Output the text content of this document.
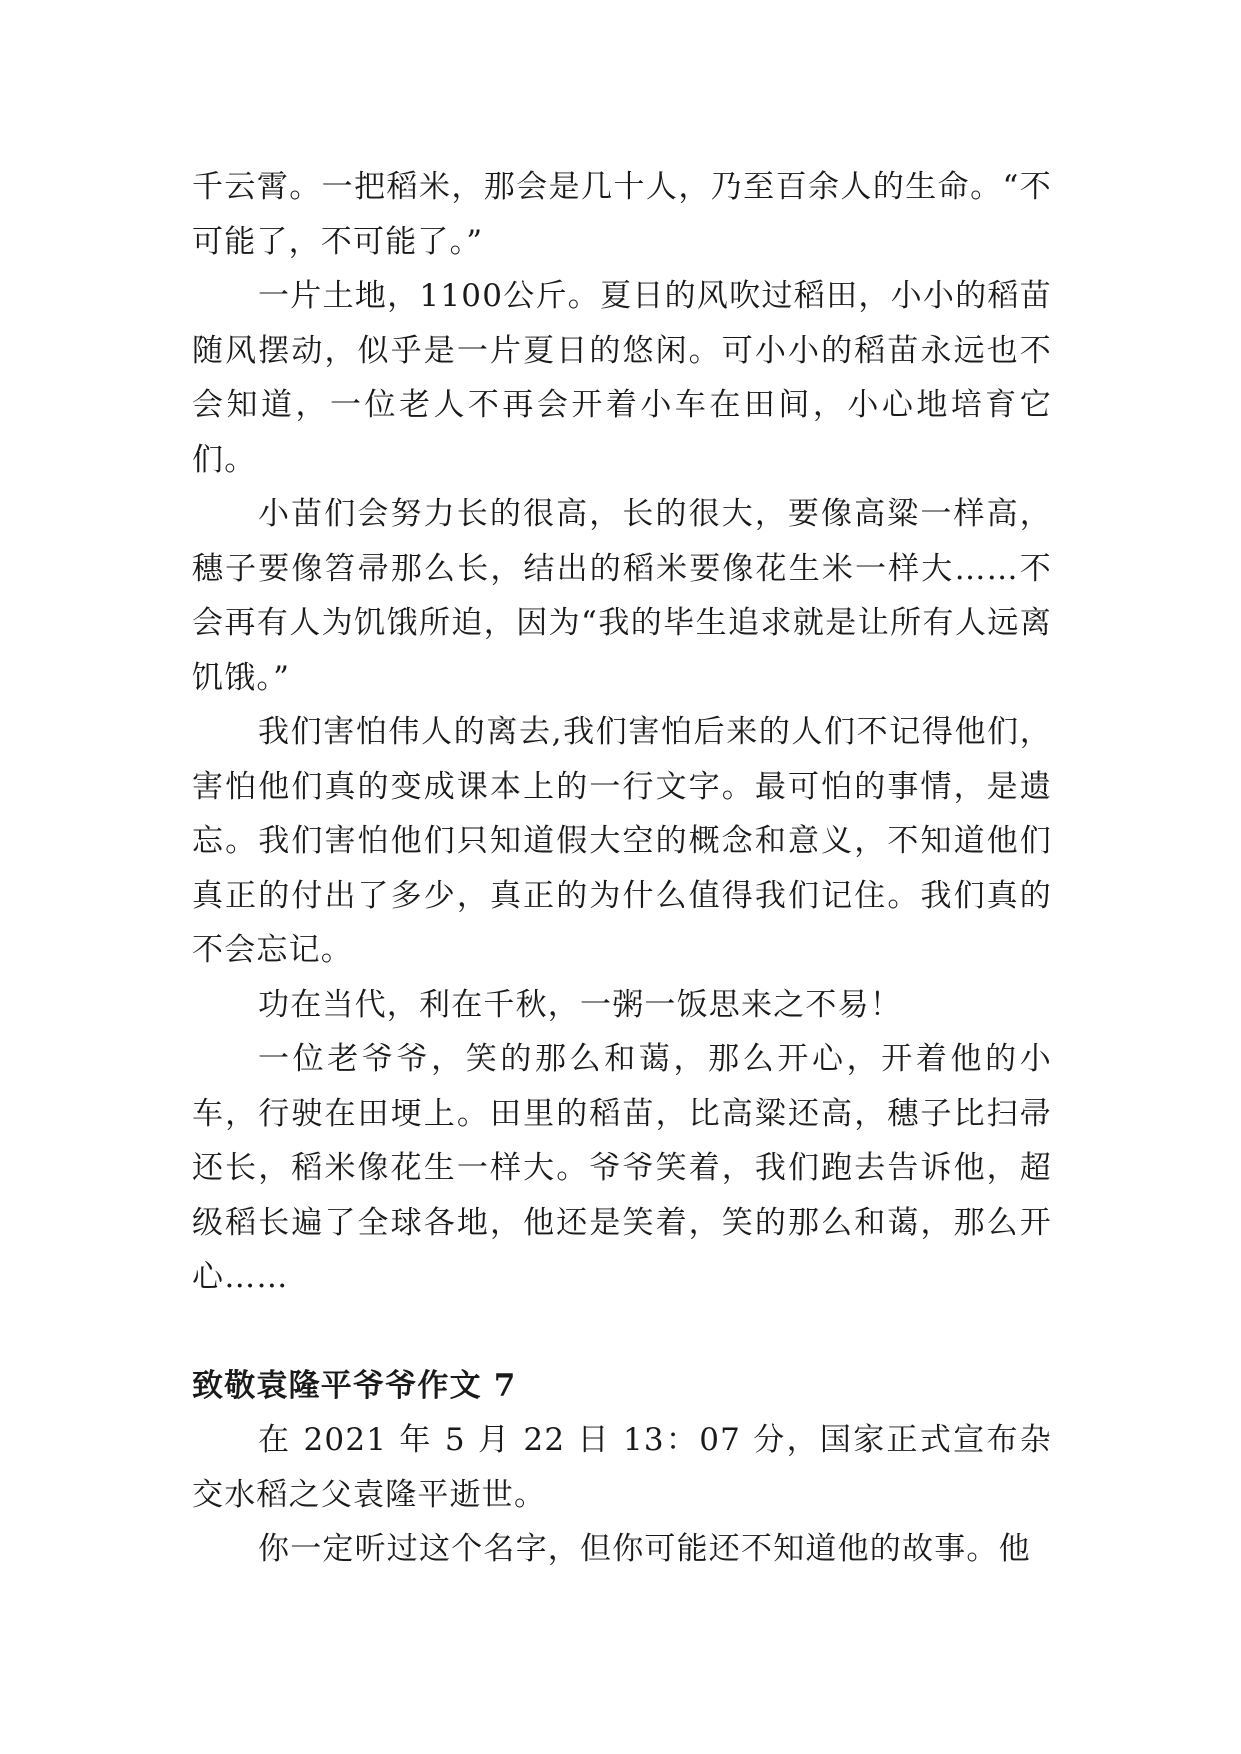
千云霄。一把稻米，那会是几十人，乃至百余人的生命。“不可能了，不可能了。”

一片土地，1100公斤。夏日的风吹过稻田，小小的稻苗随风摆动，似乎是一片夏日的悠闲。可小小的稻苗永远也不会知道，一位老人不再会开着小车在田间，小心地培育它们。

小苗们会努力长的很高，长的很大，要像高粱一样高，穗子要像笤帚那么长，结出的稻米要像花生米一样大……不会再有人为饥饿所迫，因为“我的毕生追求就是让所有人远离饥饿。”

我们害怕伟人的离去,我们害怕后来的人们不记得他们，害怕他们真的变成课本上的一行文字。最可怕的事情，是遗忘。我们害怕他们只知道假大空的概念和意义，不知道他们真正的付出了多少，真正的为什么值得我们记住。我们真的不会忘记。

功在当代，利在千秋，一粥一饭思来之不易！

一位老爷爷，笑的那么和蔼，那么开心，开着他的小车，行驶在田埂上。田里的稻苗，比高粱还高，穗子比扫帚还长，稻米像花生一样大。爷爷笑着，我们跑去告诉他，超级稻长遍了全球各地，他还是笑着，笑的那么和蔼，那么开心……

致敬袁隆平爷爷作文 7

在 2021 年 5 月 22 日 13：07 分，国家正式宣布杂交水稻之父袁隆平逝世。

你一定听过这个名字，但你可能还不知道他的故事。他
